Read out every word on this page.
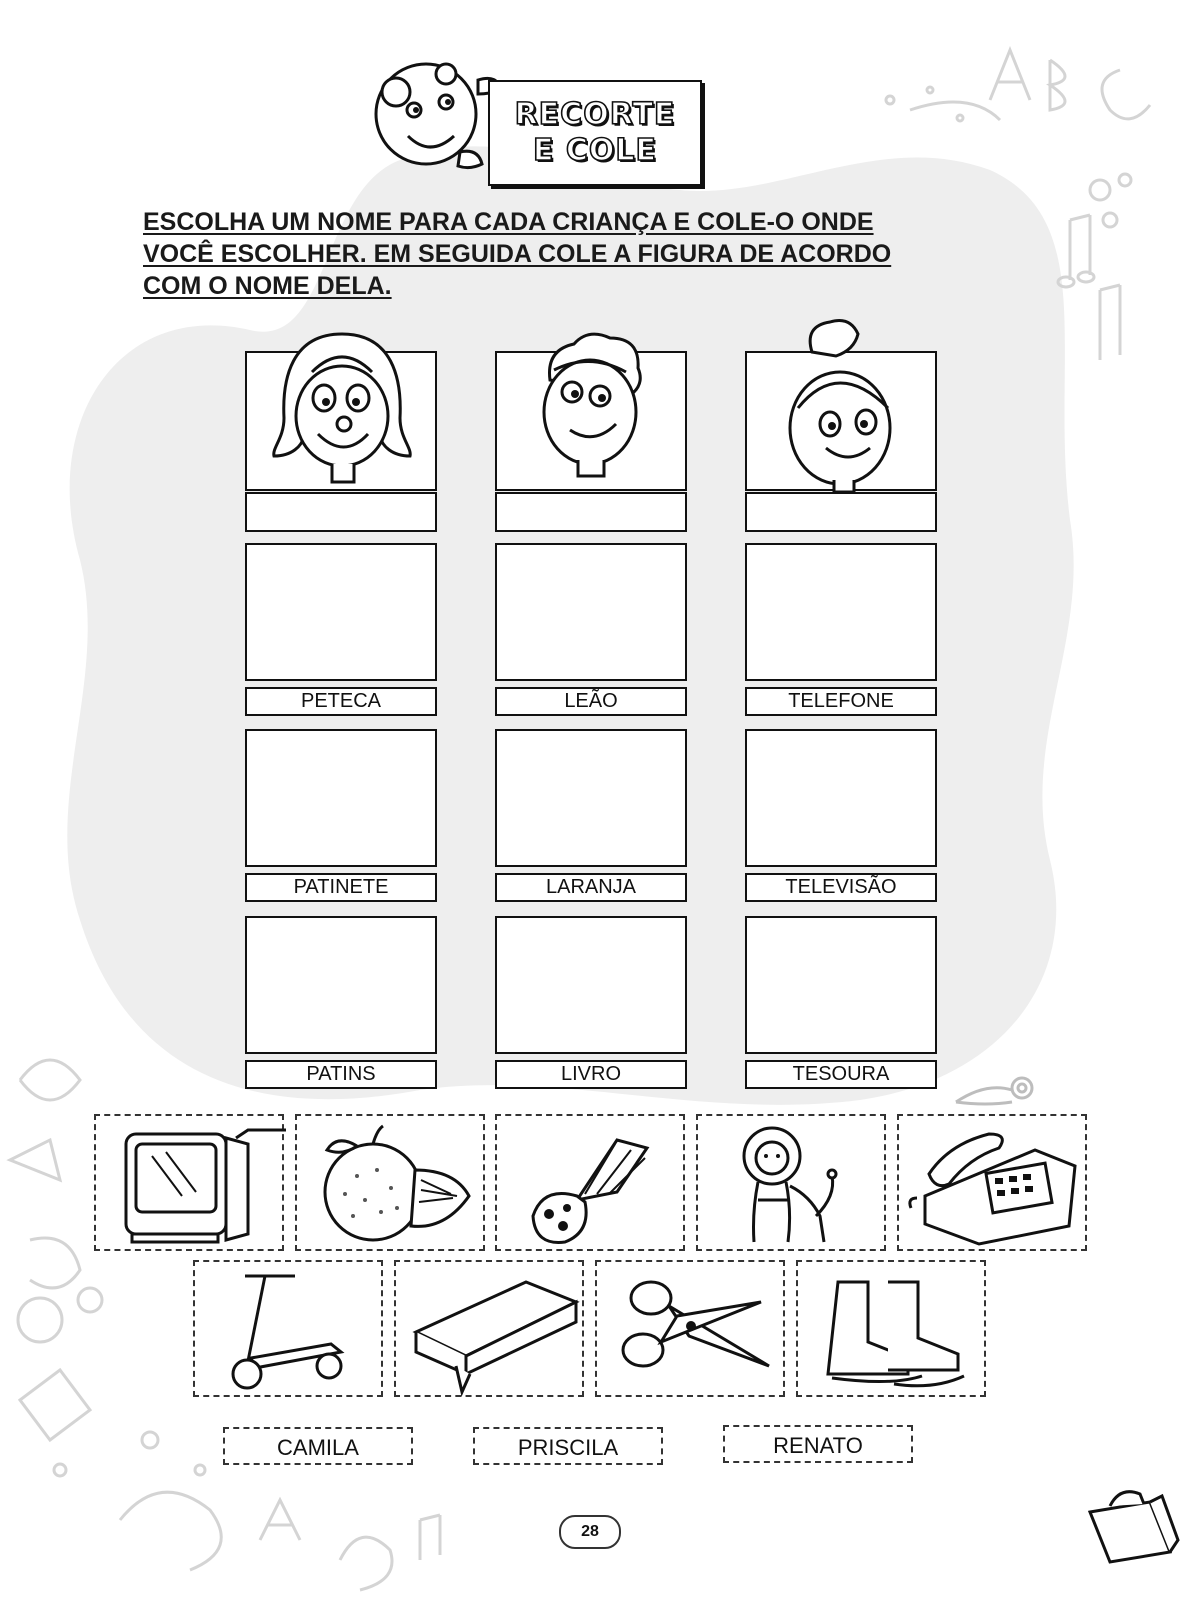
RECORTE
E COLE
ESCOLHA UM NOME PARA CADA CRIANÇA E COLE-O ONDE
VOCÊ ESCOLHER. EM SEGUIDA COLE A FIGURA DE ACORDO
COM O NOME DELA.
PETECA	LEÃO	TELEFONE
PATINETE	LARANJA	TELEVISÃO
PATINS	LIVRO	TESOURA
CAMILA	PRISCILA	RENATO
28
